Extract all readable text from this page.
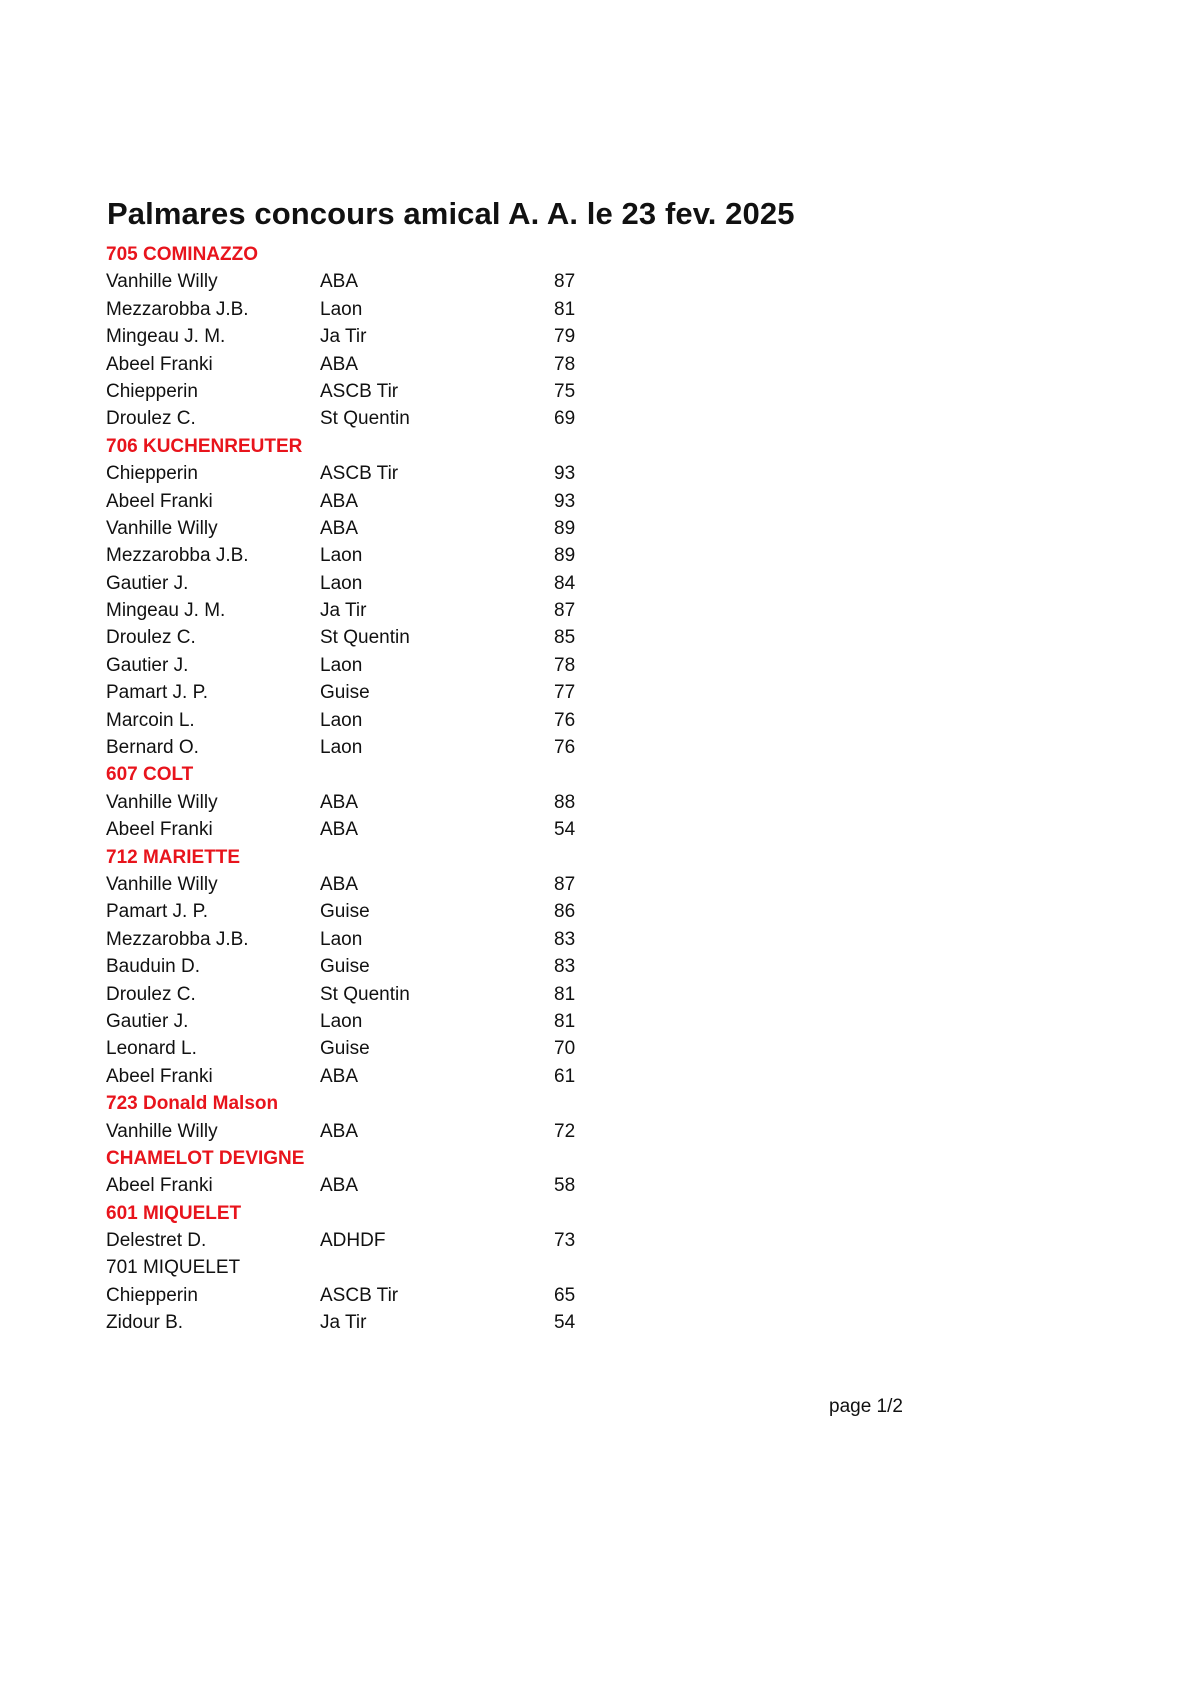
Palmares concours amical A. A. le 23 fev. 2025
705 COMINAZZO
Vanhille Willy	ABA	87
Mezzarobba J.B.	Laon	81
Mingeau J. M.	Ja Tir	79
Abeel Franki	ABA	78
Chiepperin	ASCB Tir	75
Droulez C.	St Quentin	69
706 KUCHENREUTER
Chiepperin	ASCB Tir	93
Abeel Franki	ABA	93
Vanhille Willy	ABA	89
Mezzarobba J.B.	Laon	89
Gautier J.	Laon	84
Mingeau J. M.	Ja Tir	87
Droulez C.	St Quentin	85
Gautier J.	Laon	78
Pamart J. P.	Guise	77
Marcoin L.	Laon	76
Bernard O.	Laon	76
607 COLT
Vanhille Willy	ABA	88
Abeel Franki	ABA	54
712 MARIETTE
Vanhille Willy	ABA	87
Pamart J. P.	Guise	86
Mezzarobba J.B.	Laon	83
Bauduin D.	Guise	83
Droulez C.	St Quentin	81
Gautier J.	Laon	81
Leonard L.	Guise	70
Abeel Franki	ABA	61
723 Donald Malson
Vanhille Willy	ABA	72
CHAMELOT DEVIGNE
Abeel Franki	ABA	58
601 MIQUELET
Delestret D.	ADHDF	73
701 MIQUELET
Chiepperin	ASCB Tir	65
Zidour B.	Ja Tir	54
page 1/2
